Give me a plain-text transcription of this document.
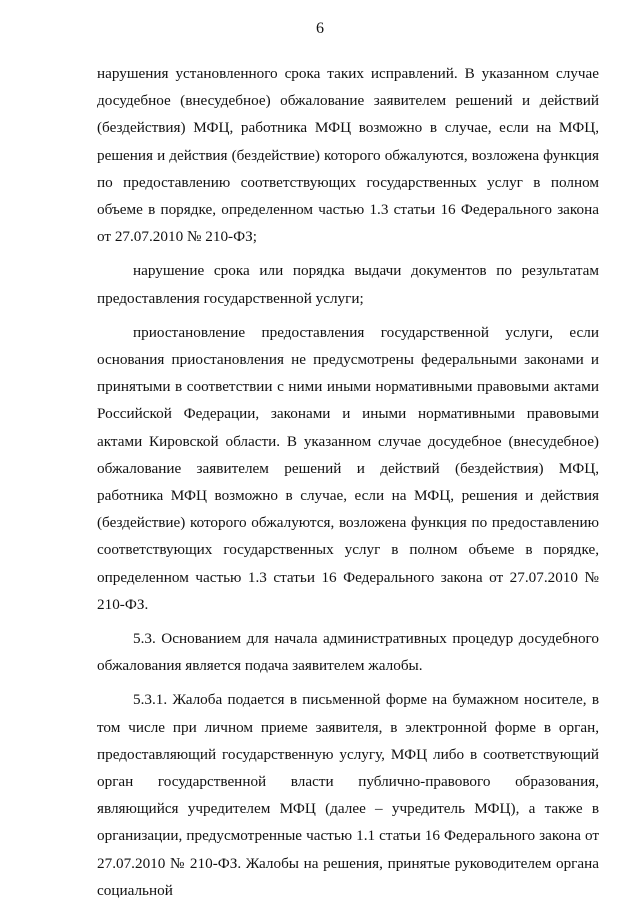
6

нарушения установленного срока таких исправлений. В указанном случае досудебное (внесудебное) обжалование заявителем решений и действий (бездействия) МФЦ, работника МФЦ возможно в случае, если на МФЦ, решения и действия (бездействие) которого обжалуются, возложена функция по предоставлению соответствующих государственных услуг в полном объеме в порядке, определенном частью 1.3 статьи 16 Федерального закона от 27.07.2010 № 210-ФЗ;

нарушение срока или порядка выдачи документов по результатам предоставления государственной услуги;

приостановление предоставления государственной услуги, если основания приостановления не предусмотрены федеральными законами и принятыми в соответствии с ними иными нормативными правовыми актами Российской Федерации, законами и иными нормативными правовыми актами Кировской области. В указанном случае досудебное (внесудебное) обжалование заявителем решений и действий (бездействия) МФЦ, работника МФЦ возможно в случае, если на МФЦ, решения и действия (бездействие) которого обжалуются, возложена функция по предоставлению соответствующих государственных услуг в полном объеме в порядке, определенном частью 1.3 статьи 16 Федерального закона от 27.07.2010 № 210-ФЗ.

5.3. Основанием для начала административных процедур досудебного обжалования является подача заявителем жалобы.

5.3.1. Жалоба подается в письменной форме на бумажном носителе, в том числе при личном приеме заявителя, в электронной форме в орган, предоставляющий государственную услугу, МФЦ либо в соответствующий орган государственной власти публично-правового образования, являющийся учредителем МФЦ (далее – учредитель МФЦ), а также в организации, предусмотренные частью 1.1 статьи 16 Федерального закона от 27.07.2010 № 210-ФЗ. Жалобы на решения, принятые руководителем органа социальной
